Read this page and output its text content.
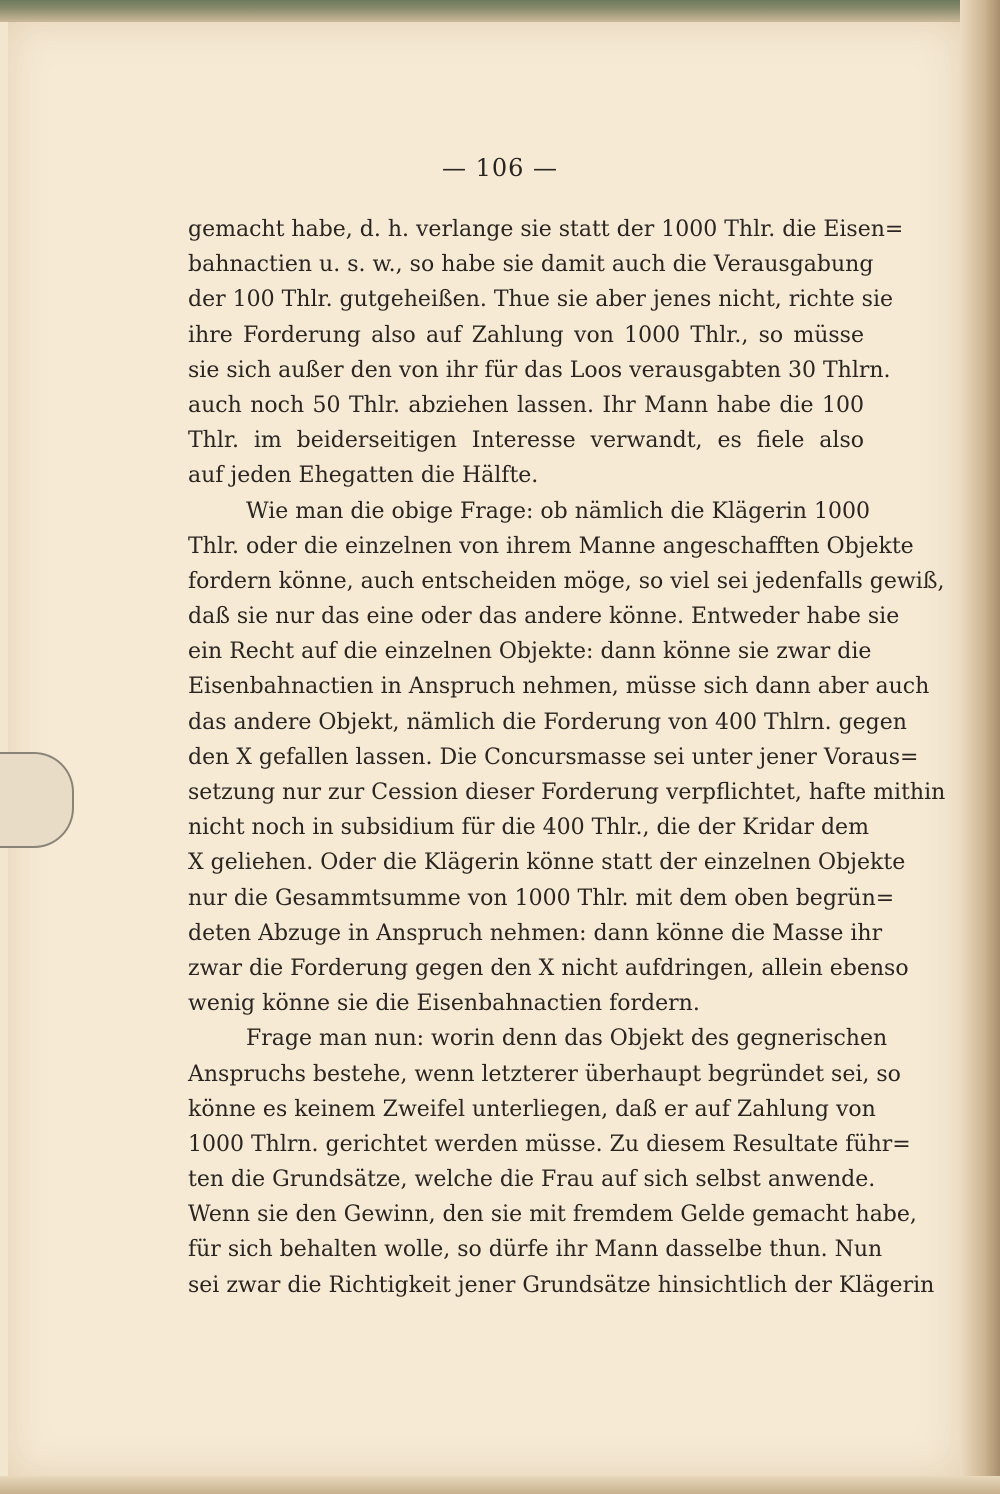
— 106 —
gemacht habe, d. h. verlange sie statt der 1000 Thlr. die Eisen=
bahnactien u. s. w., so habe sie damit auch die Verausgabung
der 100 Thlr. gutgeheißen. Thue sie aber jenes nicht, richte sie
ihre Forderung also auf Zahlung von 1000 Thlr., so müsse
sie sich außer den von ihr für das Loos verausgabten 30 Thlrn.
auch noch 50 Thlr. abziehen lassen. Ihr Mann habe die 100
Thlr. im beiderseitigen Interesse verwandt, es fiele also
auf jeden Ehegatten die Hälfte.
Wie man die obige Frage: ob nämlich die Klägerin 1000
Thlr. oder die einzelnen von ihrem Manne angeschafften Objekte
fordern könne, auch entscheiden möge, so viel sei jedenfalls gewiß,
daß sie nur das eine oder das andere könne. Entweder habe sie
ein Recht auf die einzelnen Objekte: dann könne sie zwar die
Eisenbahnactien in Anspruch nehmen, müsse sich dann aber auch
das andere Objekt, nämlich die Forderung von 400 Thlrn. gegen
den X gefallen lassen. Die Concursmasse sei unter jener Voraus=
setzung nur zur Cession dieser Forderung verpflichtet, hafte mithin
nicht noch in subsidium für die 400 Thlr., die der Kridar dem
X geliehen. Oder die Klägerin könne statt der einzelnen Objekte
nur die Gesammtsumme von 1000 Thlr. mit dem oben begrün=
deten Abzuge in Anspruch nehmen: dann könne die Masse ihr
zwar die Forderung gegen den X nicht aufdringen, allein ebenso
wenig könne sie die Eisenbahnactien fordern.
Frage man nun: worin denn das Objekt des gegnerischen
Anspruchs bestehe, wenn letzterer überhaupt begründet sei, so
könne es keinem Zweifel unterliegen, daß er auf Zahlung von
1000 Thlrn. gerichtet werden müsse. Zu diesem Resultate führ=
ten die Grundsätze, welche die Frau auf sich selbst anwende.
Wenn sie den Gewinn, den sie mit fremdem Gelde gemacht habe,
für sich behalten wolle, so dürfe ihr Mann dasselbe thun. Nun
sei zwar die Richtigkeit jener Grundsätze hinsichtlich der Klägerin
